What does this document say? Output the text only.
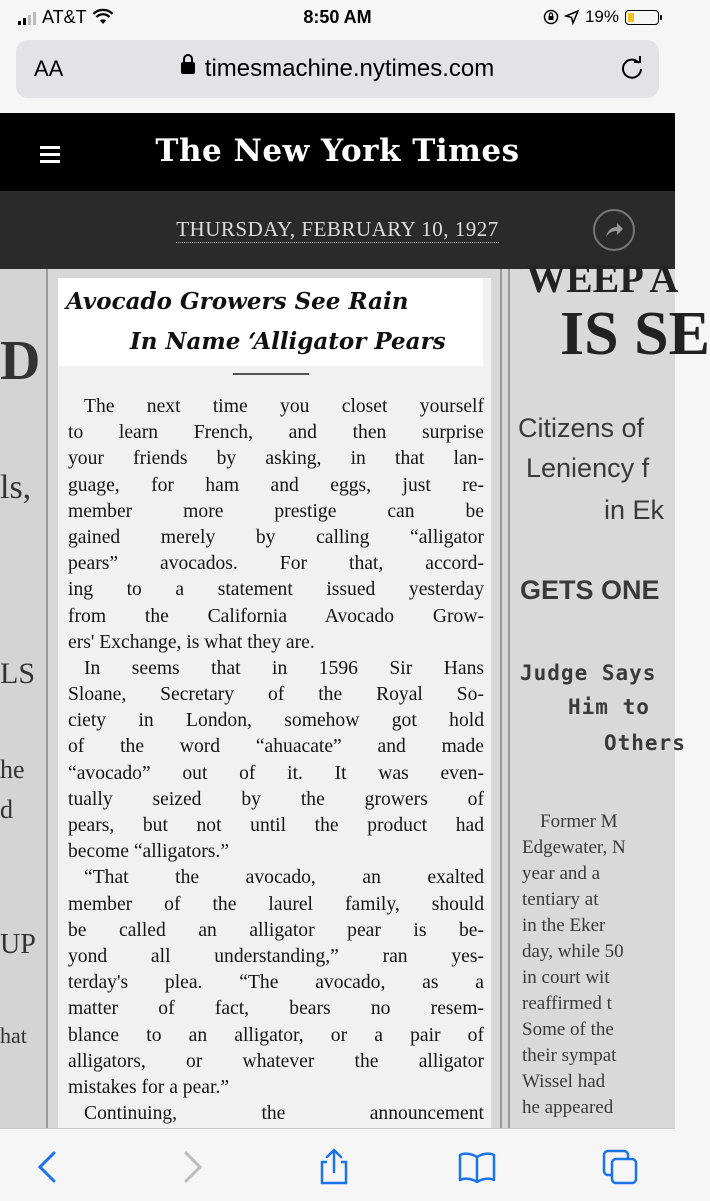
AT&T	8:50 AM	19%
AA	timesmachine.nytimes.com
The New York Times
THURSDAY, FEBRUARY 10, 1927
D
ls,
LS
he
d
UP
hat
WEEP A
IS SE
Citizens of
Leniency f
in Ek
GETS ONE
Judge Says
Him to
Others
Former M
Edgewater, N
year and a
tentiary at
in the Eker
day, while 50
in court wit
reaffirmed t
Some of the
their sympat
Wissel had
he appeared
Avocado Growers See Rain
In Name ‘Alligator Pears
The next time you closet yourself
to learn French, and then surprise
your friends by asking, in that lan-
guage, for ham and eggs, just re-
member more prestige can be
gained merely by calling “alligator
pears” avocados. For that, accord-
ing to a statement issued yesterday
from the California Avocado Grow-
ers' Exchange, is what they are.
In seems that in 1596 Sir Hans
Sloane, Secretary of the Royal So-
ciety in London, somehow got hold
of the word “ahuacate” and made
“avocado” out of it. It was even-
tually seized by the growers of
pears, but not until the product had
become “alligators.”
“That the avocado, an exalted
member of the laurel family, should
be called an alligator pear is be-
yond all understanding,” ran yes-
terday's plea. “The avocado, as a
matter of fact, bears no resem-
blance to an alligator, or a pair of
alligators, or whatever the alligator
mistakes for a pear.”
Continuing, the announcement
